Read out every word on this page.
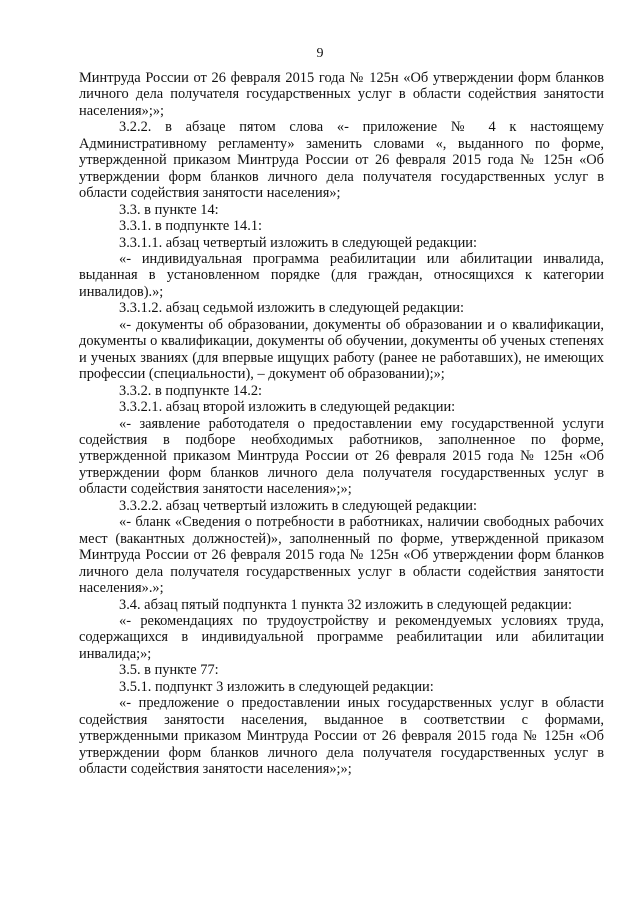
9

Минтруда России от 26 февраля 2015 года № 125н «Об утверждении форм бланков личного дела получателя государственных услуг в области содействия занятости населения»;»;

3.2.2. в абзаце пятом слова «- приложение № 4 к настоящему Административному регламенту» заменить словами «, выданного по форме, утвержденной приказом Минтруда России от 26 февраля 2015 года № 125н «Об утверждении форм бланков личного дела получателя государственных услуг в области содействия занятости населения»;

3.3. в пункте 14:

3.3.1. в подпункте 14.1:

3.3.1.1. абзац четвертый изложить в следующей редакции:

«- индивидуальная программа реабилитации или абилитации инвалида, выданная в установленном порядке (для граждан, относящихся к категории инвалидов).»;

3.3.1.2. абзац седьмой изложить в следующей редакции:

«- документы об образовании, документы об образовании и о квалификации, документы о квалификации, документы об обучении, документы об ученых степенях и ученых званиях (для впервые ищущих работу (ранее не работавших), не имеющих профессии (специальности), – документ об образовании);»;

3.3.2. в подпункте 14.2:

3.3.2.1. абзац второй изложить в следующей редакции:

«- заявление работодателя о предоставлении ему государственной услуги содействия в подборе необходимых работников, заполненное по форме, утвержденной приказом Минтруда России от 26 февраля 2015 года № 125н «Об утверждении форм бланков личного дела получателя государственных услуг в области содействия занятости населения»;»;

3.3.2.2. абзац четвертый изложить в следующей редакции:

«- бланк «Сведения о потребности в работниках, наличии свободных рабочих мест (вакантных должностей)», заполненный по форме, утвержденной приказом Минтруда России от 26 февраля 2015 года № 125н «Об утверждении форм бланков личного дела получателя государственных услуг в области содействия занятости населения».»;

3.4. абзац пятый подпункта 1 пункта 32 изложить в следующей редакции:

«- рекомендациях по трудоустройству и рекомендуемых условиях труда, содержащихся в индивидуальной программе реабилитации или абилитации инвалида;»;

3.5. в пункте 77:

3.5.1. подпункт 3 изложить в следующей редакции:

«- предложение о предоставлении иных государственных услуг в области содействия занятости населения, выданное в соответствии с формами, утвержденными приказом Минтруда России от 26 февраля 2015 года № 125н «Об утверждении форм бланков личного дела получателя государственных услуг в области содействия занятости населения»;»;
